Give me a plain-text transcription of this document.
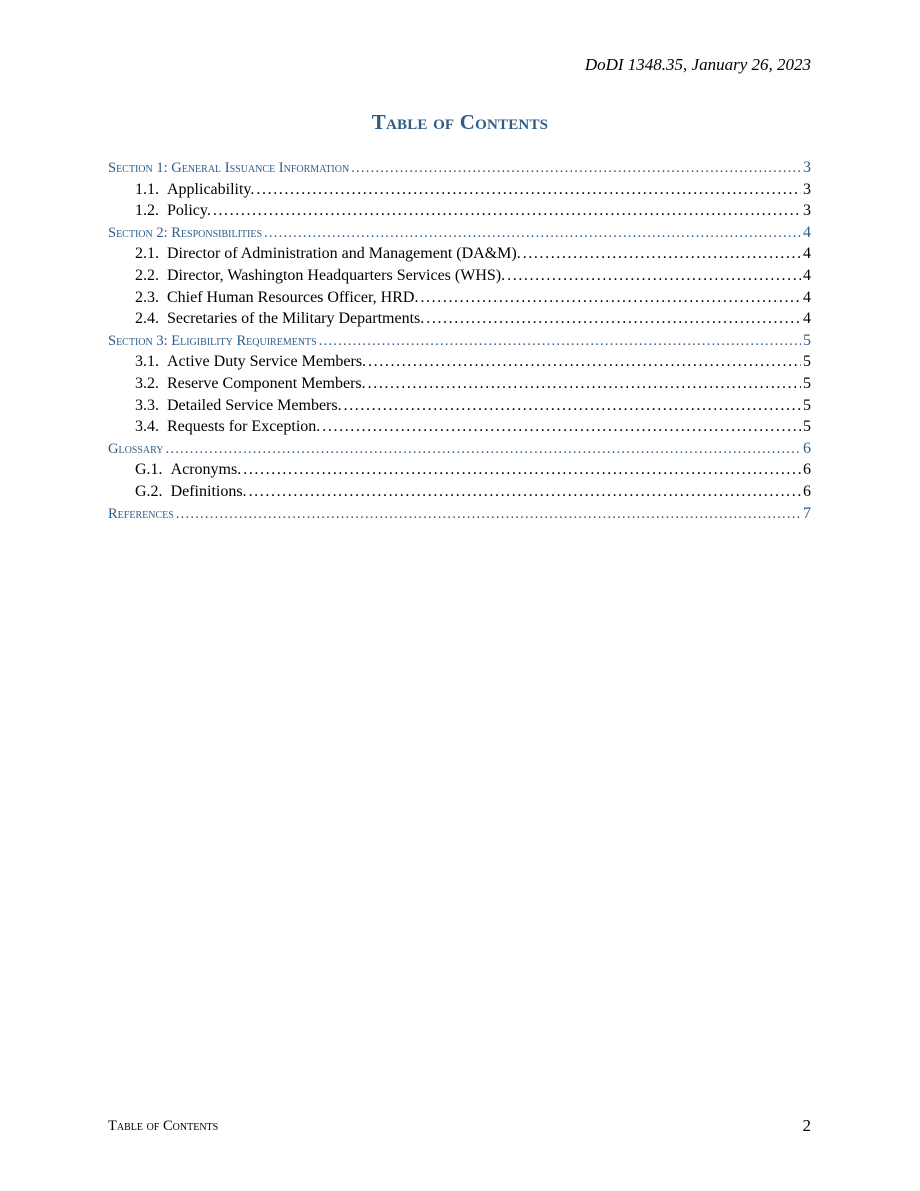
DoDI 1348.35, January 26, 2023
Table of Contents
Section 1: General Issuance Information . . .	3
1.1. Applicability. . . .	3
1.2. Policy. . . .	3
Section 2: Responsibilities . . .	4
2.1. Director of Administration and Management (DA&M). . . .	4
2.2. Director, Washington Headquarters Services (WHS). . . .	4
2.3. Chief Human Resources Officer, HRD. . . .	4
2.4. Secretaries of the Military Departments. . . .	4
Section 3: Eligibility Requirements . . .	5
3.1. Active Duty Service Members. . . .	5
3.2. Reserve Component Members. . . .	5
3.3. Detailed Service Members. . . .	5
3.4. Requests for Exception. . . .	5
Glossary . . .	6
G.1. Acronyms. . . .	6
G.2. Definitions. . . .	6
References . . .	7
Table of Contents	2
